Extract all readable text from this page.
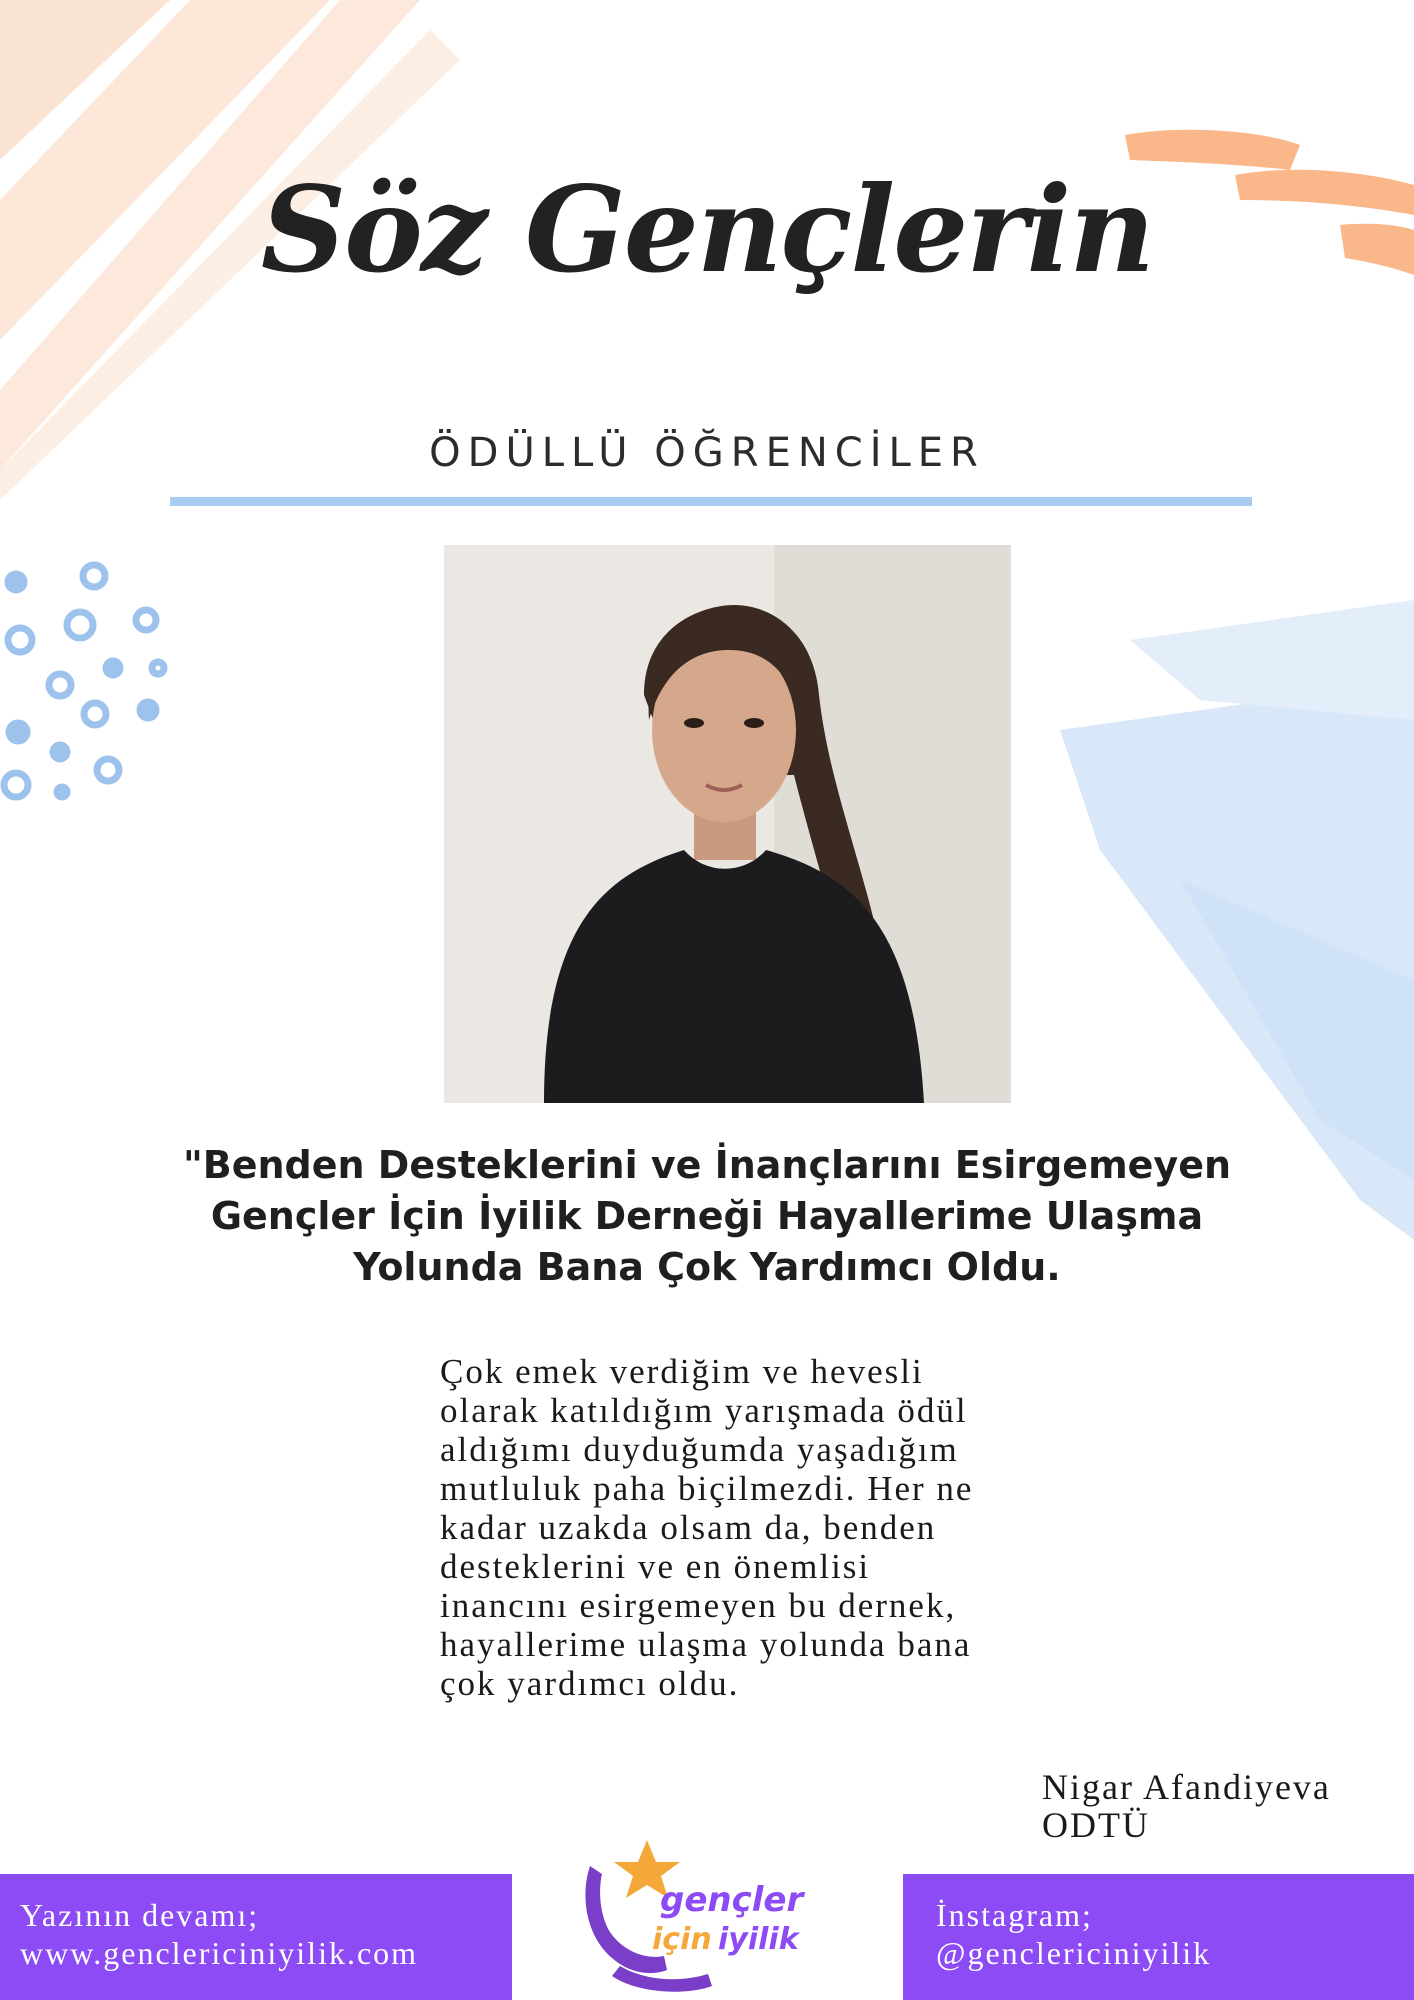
Söz Gençlerin
ÖDÜLLÜ ÖĞRENCİLER
"Benden Desteklerini ve İnançlarını Esirgemeyen
Gençler İçin İyilik Derneği Hayallerime Ulaşma
Yolunda Bana Çok Yardımcı Oldu.
Çok emek verdiğim ve hevesli
olarak katıldığım yarışmada ödül
aldığımı duyduğumda yaşadığım
mutluluk paha biçilmezdi. Her ne
kadar uzakda olsam da, benden
desteklerini ve en önemlisi
inancını esirgemeyen bu dernek,
hayallerime ulaşma yolunda bana
çok yardımcı oldu.
Nigar Afandiyeva
ODTÜ
Yazının devamı;
www.genclericiniyilik.com
gençler
için iyilik
İnstagram;
@genclericiniyilik
